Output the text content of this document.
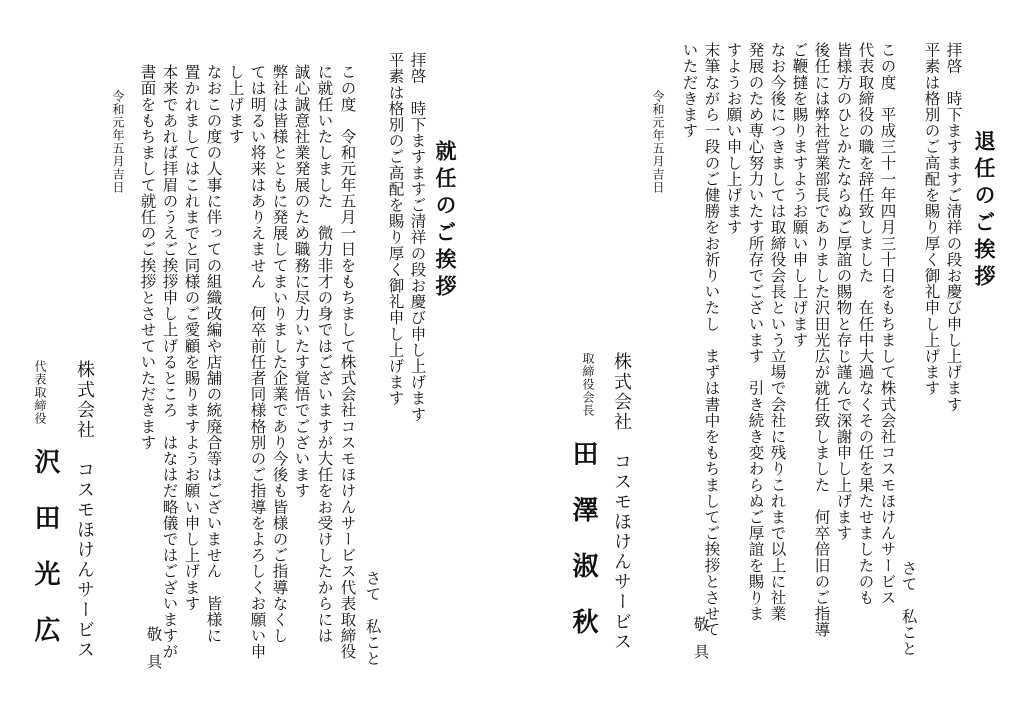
拝啓　時下ますますご清祥の段お慶び申し上げます
平素は格別のご高配を賜り厚く御礼申し上げます 就任のご挨拶
さて　私こと
この度　令和元年五月一日をもちまして株式会社コスモほけんサービス代表取締役
に就任いたしました　微力非才の身ではございますが大任をお受けしたからには
誠心誠意社業発展のため職務に尽力いたす覚悟でございます
弊社は皆様とともに発展してまいりました企業であり今後も皆様のご指導なくし
ては明るい将来はありえません　何卒前任者同様格別のご指導をよろしくお願い申
し上げます
なおこの度の人事に伴っての組織改編や店舗の統廃合等はございません　皆様に
置かれましてはこれまでと同様のご愛顧を賜りますようお願い申し上げます
本来であれば拝眉のうえご挨拶申し上げるところ　はなはだ略儀ではございますが
書面をもちまして就任のご挨拶とさせていただきます
敬具
令和元年五月吉日
株式会社　コスモほけんサービス
代表取締役
沢田光広
拝啓　時下ますますご清祥の段お慶び申し上げます
平素は格別のご高配を賜り厚く御礼申し上げます 退任のご挨拶
さて　私こと
この度　平成三十一年四月三十日をもちまして株式会社コスモほけんサービス
代表取締役の職を辞任致しました　在任中大過なくその任を果たせましたのも
皆様方のひとかたならぬご厚誼の賜物と存じ謹んで深謝申し上げます
後任には弊社営業部長でありました沢田光広が就任致しました　何卒倍旧のご指導
ご鞭撻を賜りますようお願い申し上げます
なお今後につきましては取締役会長という立場で会社に残りこれまで以上に社業
発展のため専心努力いたす所存でございます　引き続き変わらぬご厚誼を賜りま
すようお願い申し上げます
末筆ながら一段のご健勝をお祈りいたし　まずは書中をもちましてご挨拶とさせて
いただきます
敬具
令和元年五月吉日
株式会社　コスモほけんサービス
取締役会長
田澤淑秋
